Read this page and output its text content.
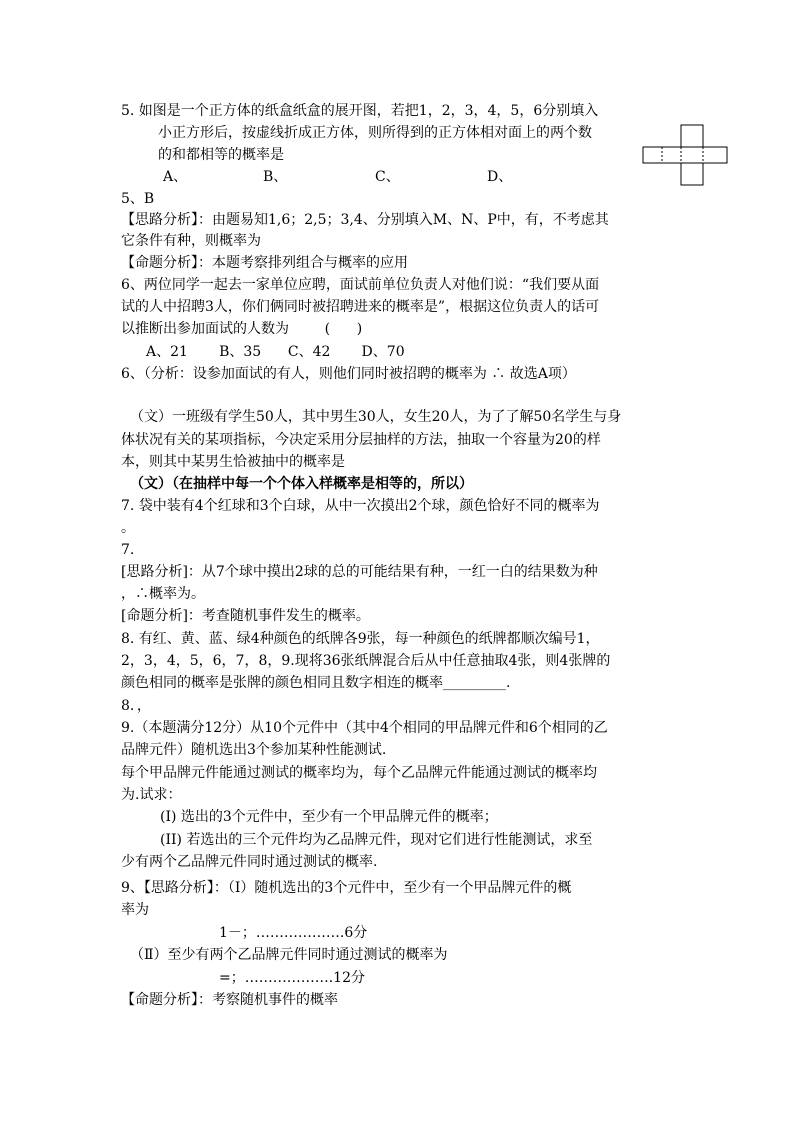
5. 如图是一个正方体的纸盒纸盒的展开图，若把1，2，3，4，5，6分别填入
小正方形后，按虚线折成正方体，则所得到的正方体相对面上的两个数
的和都相等的概率是
A、	B、	C、	D、
5、B
【思路分析】：由题易知1,6；2,5；3,4、分别填入M、N、P中，有，不考虑其
它条件有种，则概率为
【命题分析】：本题考察排列组合与概率的应用
6、两位同学一起去一家单位应聘，面试前单位负责人对他们说：“我们要从面
试的人中招聘3人，你们俩同时被招聘进来的概率是”，根据这位负责人的话可
以推断出参加面试的人数为        (      )
A、21       B、35      C、42       D、70
6、（分析：设参加面试的有人，则他们同时被招聘的概率为 ∴ 故选A项）
（文）一班级有学生50人，其中男生30人，女生20人，为了了解50名学生与身
体状况有关的某项指标，今决定采用分层抽样的方法，抽取一个容量为20的样
本，则其中某男生恰被抽中的概率是
（文）（在抽样中每一个个体入样概率是相等的，所以）
7. 袋中装有4个红球和3个白球，从中一次摸出2个球，颜色恰好不同的概率为
。
7.
[思路分析]：从7个球中摸出2球的总的可能结果有种，一红一白的结果数为种
，∴概率为。
[命题分析]：考查随机事件发生的概率。
8. 有红、黄、蓝、绿4种颜色的纸牌各9张，每一种颜色的纸牌都顺次编号1，
2，3，4，5，6，7，8，9.现将36张纸牌混合后从中任意抽取4张，则4张牌的
颜色相同的概率是张牌的颜色相同且数字相连的概率_________.
8．，
9.（本题满分12分）从10个元件中（其中4个相同的甲品牌元件和6个相同的乙
品牌元件）随机选出3个参加某种性能测试.
每个甲品牌元件能通过测试的概率均为，每个乙品牌元件能通过测试的概率均
为.试求：
(I) 选出的3个元件中，至少有一个甲品牌元件的概率；
(II) 若选出的三个元件均为乙品牌元件，现对它们进行性能测试，求至
少有两个乙品牌元件同时通过测试的概率.
9、【思路分析】：（Ⅰ）随机选出的3个元件中，至少有一个甲品牌元件的概
率为
1－；……………….6分
（Ⅱ）至少有两个乙品牌元件同时通过测试的概率为
=；……………….12分
【命题分析】：考察随机事件的概率
